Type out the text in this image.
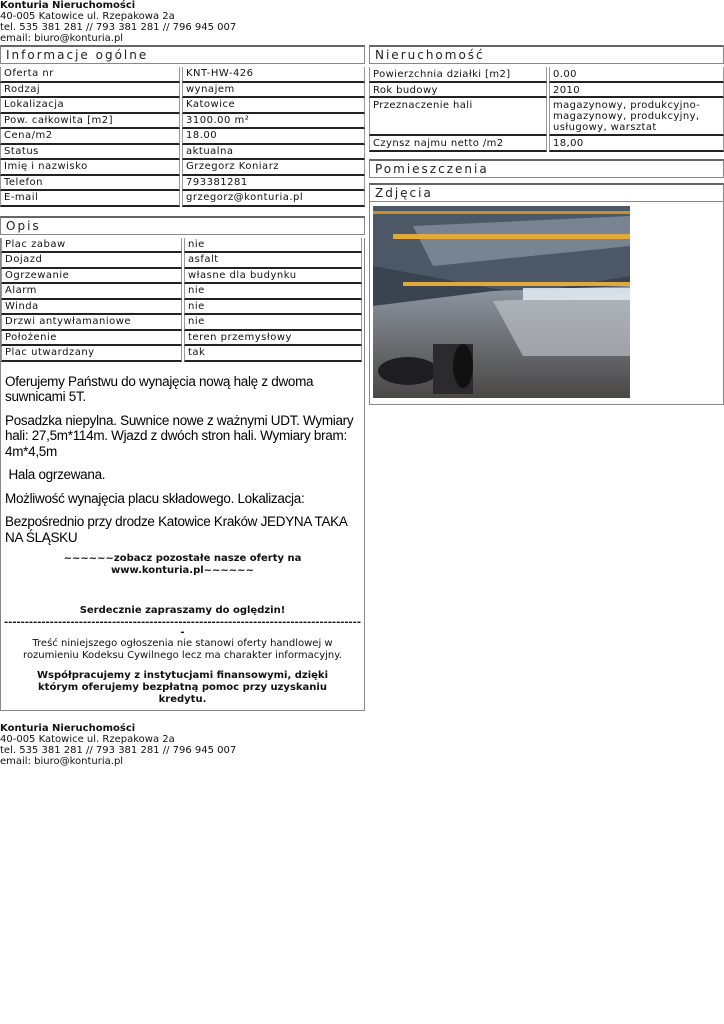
Konturia Nieruchomości
40-005 Katowice ul. Rzepakowa 2a
tel. 535 381 281 // 793 381 281 // 796 945 007
email: biuro@konturia.pl
Informacje ogólne
Oferta nr	KNT-HW-426
Rodzaj	wynajem
Lokalizacja	Katowice
Pow. całkowita [m2]	3100.00 m²
Cena/m2	18.00
Status	aktualna
Imię i nazwisko	Grzegorz Koniarz
Telefon	793381281
E-mail	grzegorz@konturia.pl
Opis
Plac zabaw	nie
Dojazd	asfalt
Ogrzewanie	własne dla budynku
Alarm	nie
Winda	nie
Drzwi antywłamaniowe	nie
Położenie	teren przemysłowy
Plac utwardzany	tak

Oferujemy Państwu do wynajęcia nową halę z dwoma suwnicami 5T.

Posadzka niepylna. Suwnice nowe z ważnymi UDT. Wymiary hali: 27,5m*114m. Wjazd z dwóch stron hali. Wymiary bram: 4m*4,5m

Hala ogrzewana.

Możliwość wynajęcia placu składowego. Lokalizacja:

Bezpośrednio przy drodze Katowice Kraków JEDYNA TAKA NA ŚLĄSKU

~~~~~~zobacz pozostałe nasze oferty na www.konturia.pl~~~~~~
Serdecznie zapraszamy do oględzin!
--------------------------------------------------------------------------------------
-
Treść niniejszego ogłoszenia nie stanowi oferty handlowej w rozumieniu Kodeksu Cywilnego lecz ma charakter informacyjny.
Współpracujemy z instytucjami finansowymi, dzięki którym oferujemy bezpłatną pomoc przy uzyskaniu kredytu.
Nieruchomość
Powierzchnia działki [m2]	0.00
Rok budowy	2010
Przeznaczenie hali	magazynowy, produkcyjno-magazynowy, produkcyjny, usługowy, warsztat
Czynsz najmu netto /m2	18,00
Pomieszczenia
Zdjęcia
Konturia Nieruchomości
40-005 Katowice ul. Rzepakowa 2a
tel. 535 381 281 // 793 381 281 // 796 945 007
email: biuro@konturia.pl
